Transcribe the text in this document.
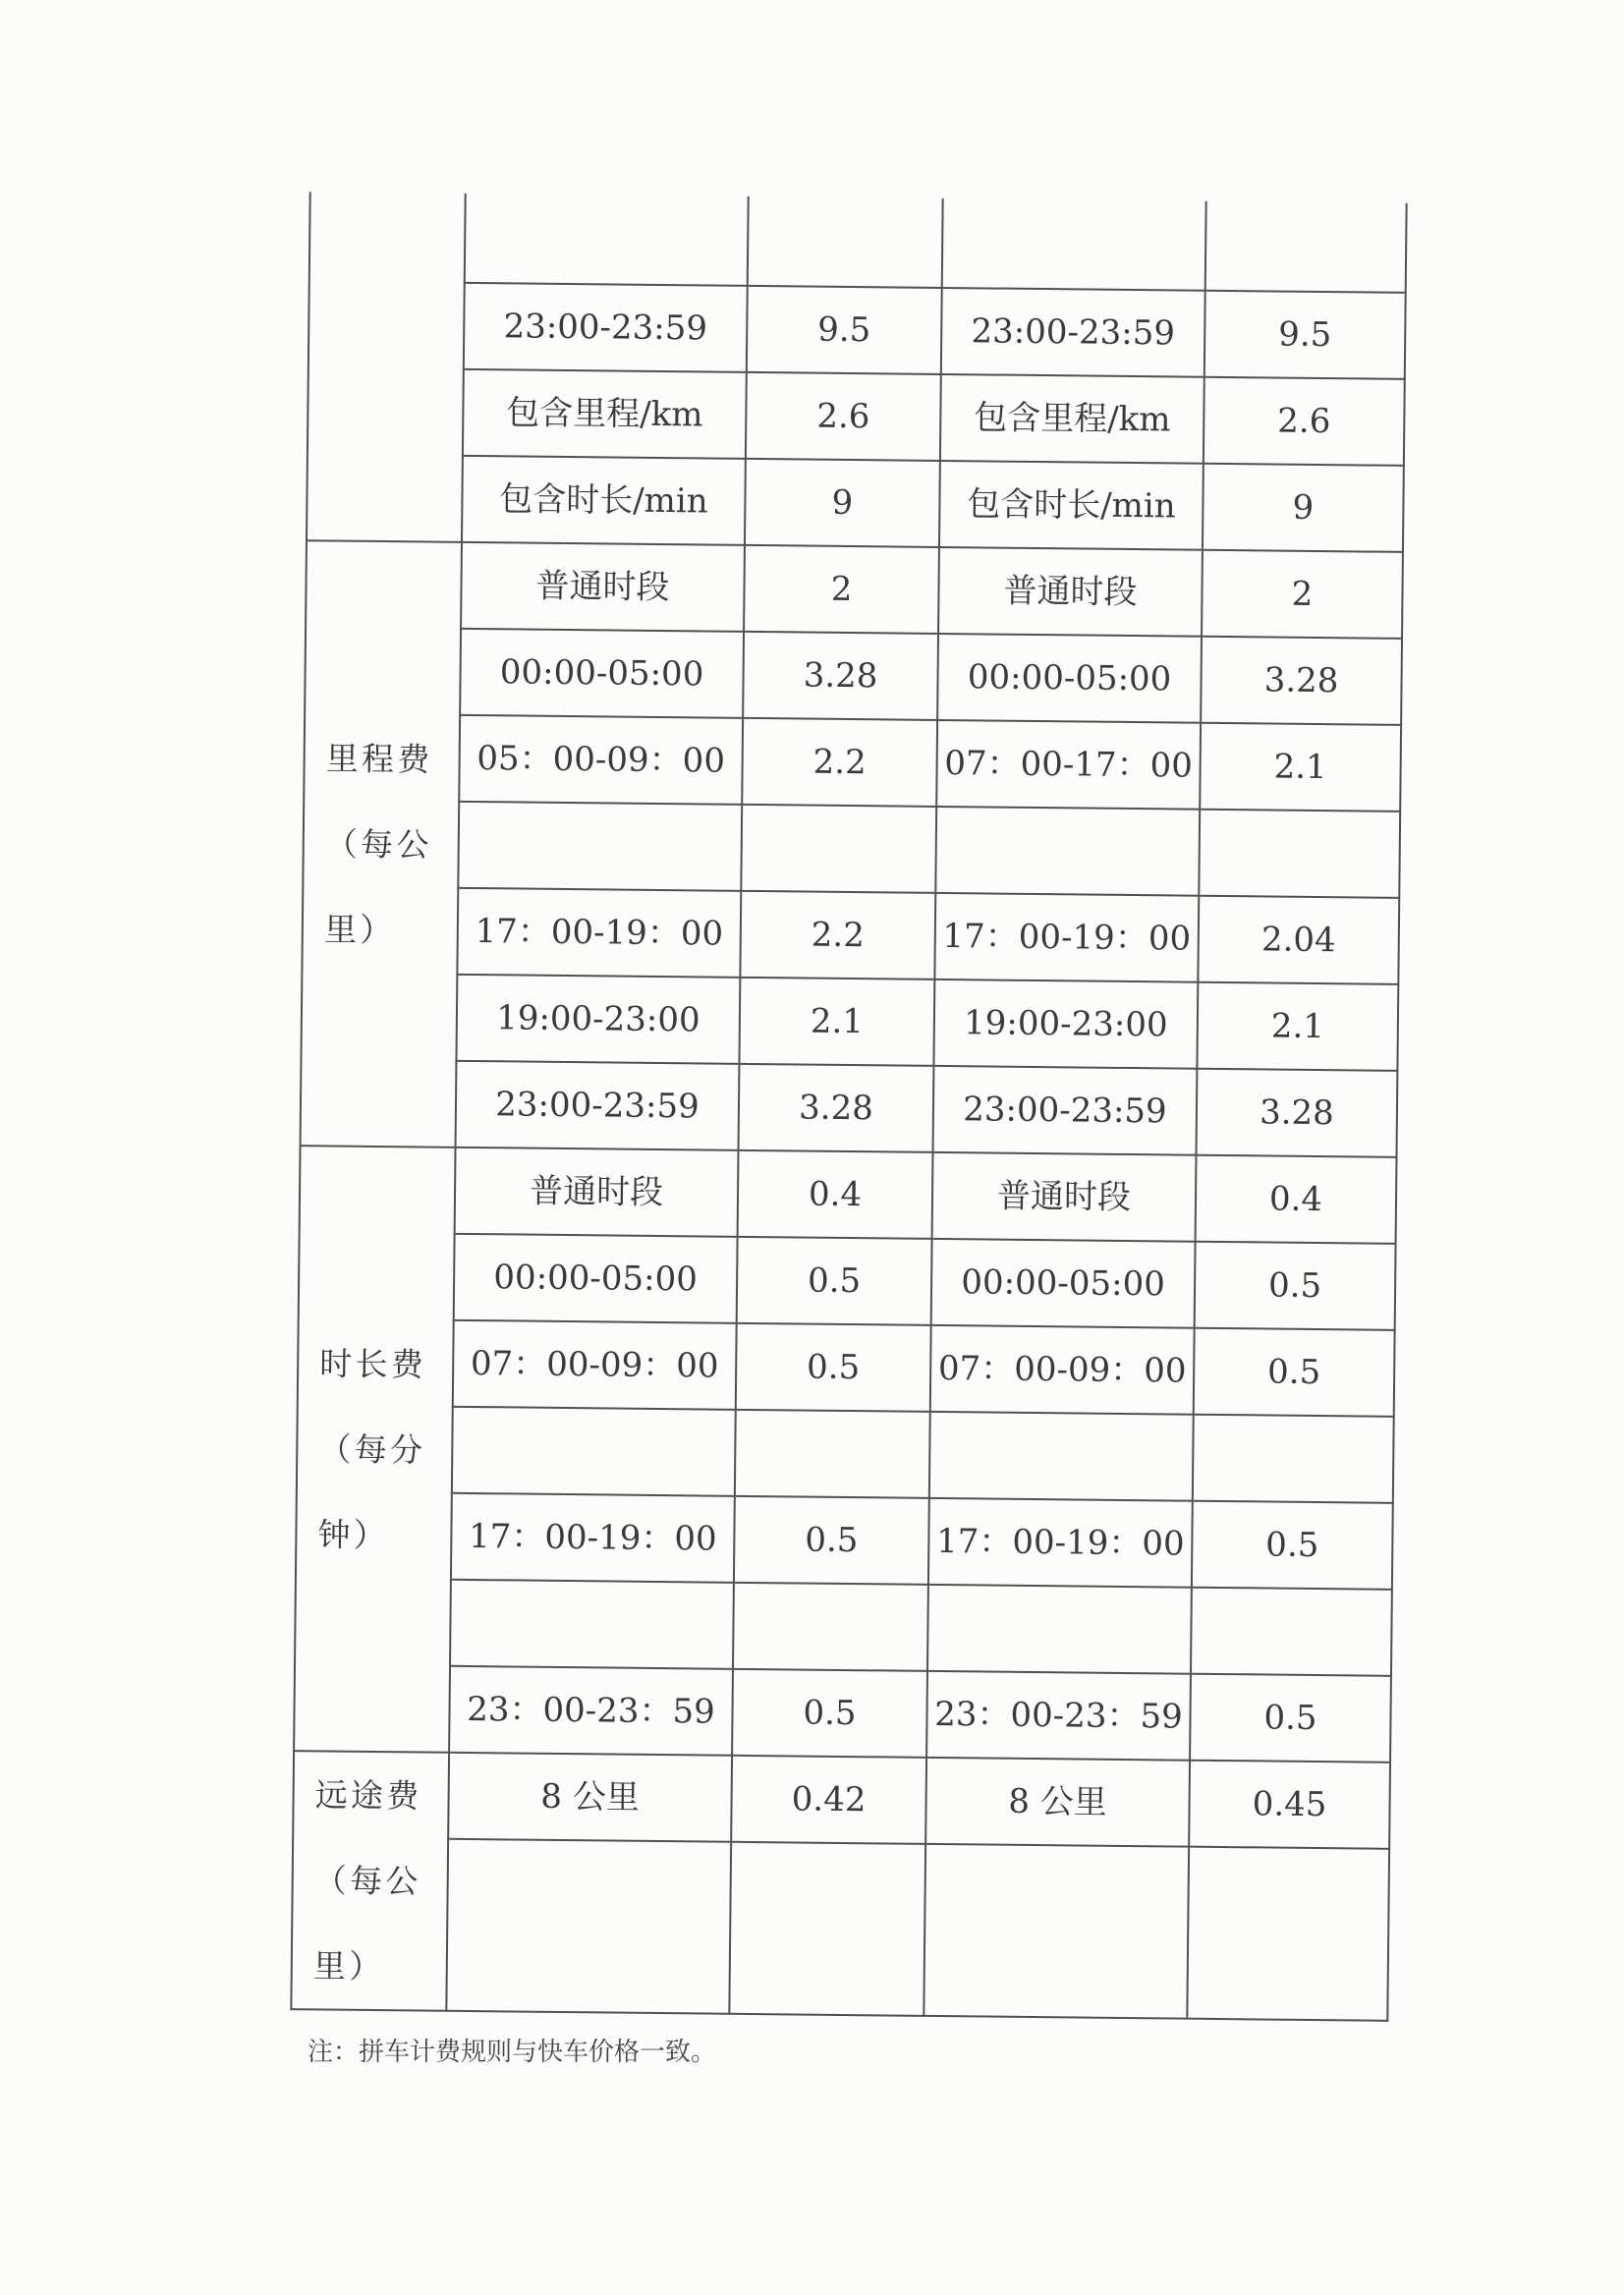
	23:00-23:59	9.5	23:00-23:59	9.5
	包含里程/km	2.6	包含里程/km	2.6
	包含时长/min	9	包含时长/min	9
里程费（每公里）	普通时段	2	普通时段	2
	00:00-05:00	3.28	00:00-05:00	3.28
	05：00-09：00	2.2	07：00-17：00	2.1

	17：00-19：00	2.2	17：00-19：00	2.04
	19:00-23:00	2.1	19:00-23:00	2.1
	23:00-23:59	3.28	23:00-23:59	3.28
时长费（每分钟）	普通时段	0.4	普通时段	0.4
	00:00-05:00	0.5	00:00-05:00	0.5
	07：00-09：00	0.5	07：00-09：00	0.5

	17：00-19：00	0.5	17：00-19：00	0.5

	23：00-23：59	0.5	23：00-23：59	0.5
远途费（每公里）	8 公里	0.42	8 公里	0.45

注：拼车计费规则与快车价格一致。
